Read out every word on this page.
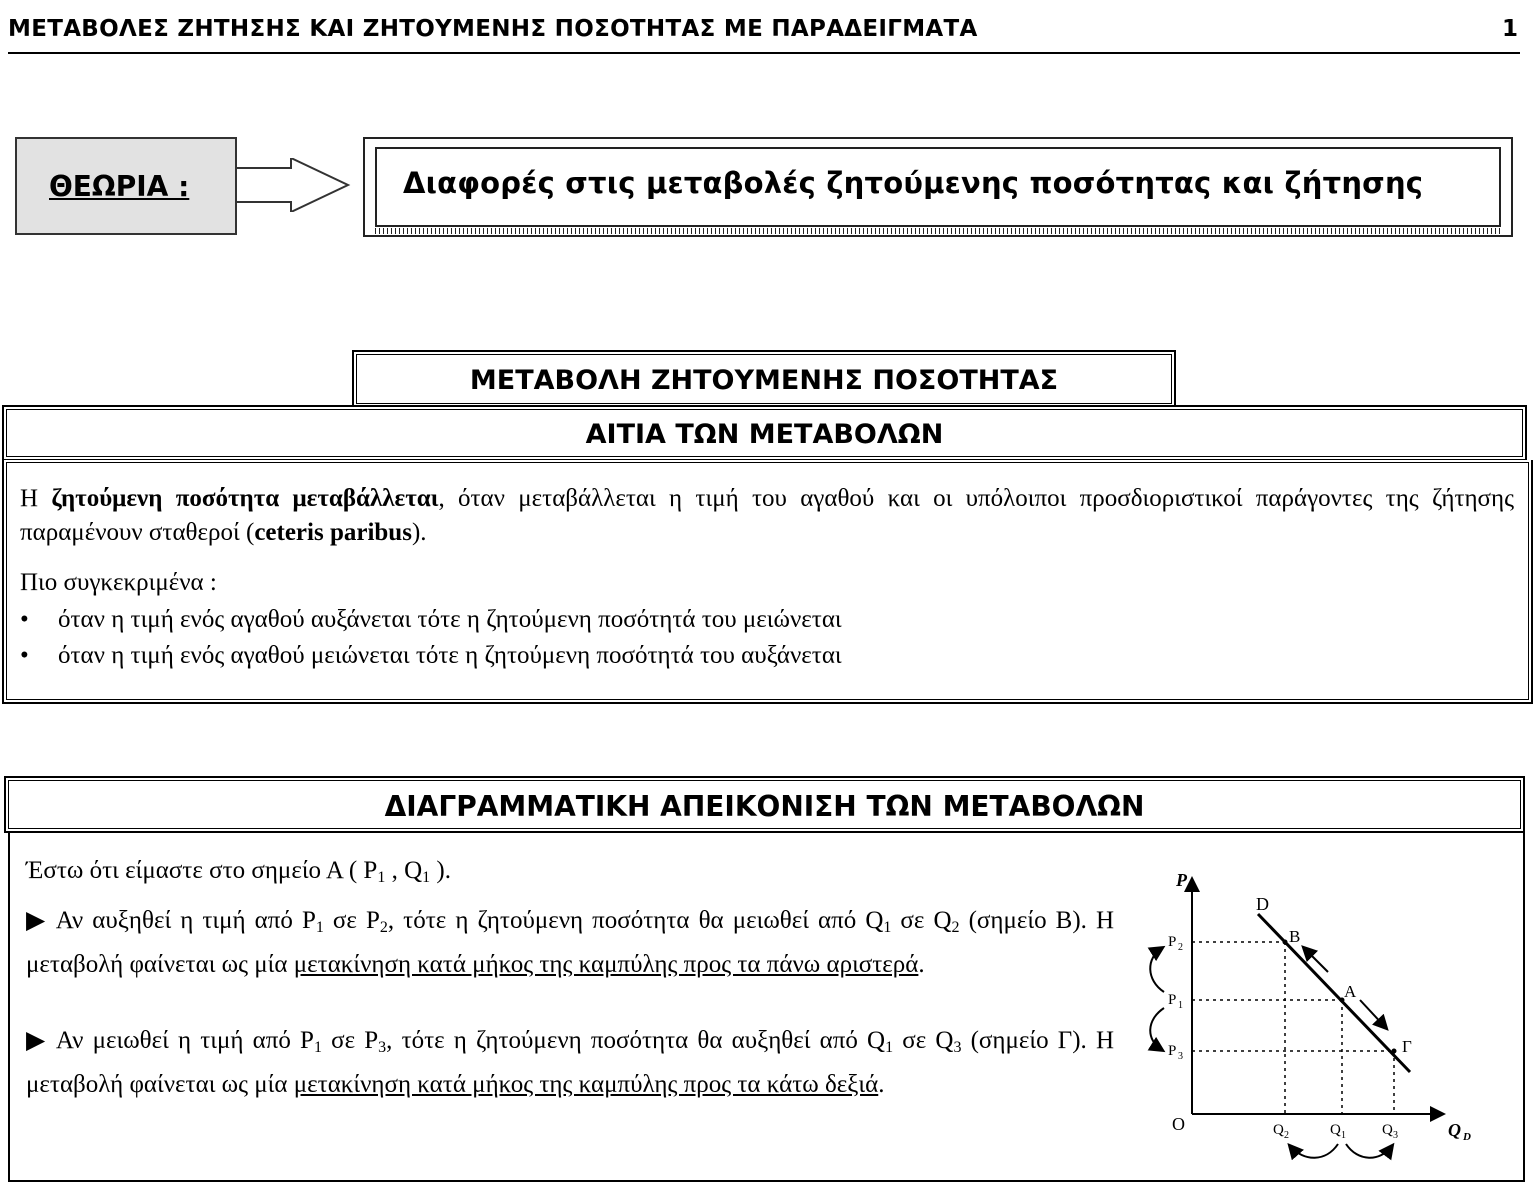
ΜΕΤΑΒΟΛΕΣ ΖΗΤΗΣΗΣ ΚΑΙ ΖΗΤΟΥΜΕΝΗΣ ΠΟΣΟΤΗΤΑΣ ΜΕ ΠΑΡΑΔΕΙΓΜΑΤΑ	1
ΘΕΩΡΙΑ :	Διαφορές στις μεταβολές ζητούμενης ποσότητας και ζήτησης
ΜΕΤΑΒΟΛΗ ΖΗΤΟΥΜΕΝΗΣ ΠΟΣΟΤΗΤΑΣ
ΑΙΤΙΑ ΤΩΝ ΜΕΤΑΒΟΛΩΝ
Η ζητούμενη ποσότητα μεταβάλλεται, όταν μεταβάλλεται η τιμή του αγαθού και οι υπόλοιποι προσδιοριστικοί παράγοντες της ζήτησης παραμένουν σταθεροί (ceteris paribus).
Πιο συγκεκριμένα :
• όταν η τιμή ενός αγαθού αυξάνεται τότε η ζητούμενη ποσότητά του μειώνεται
• όταν η τιμή ενός αγαθού μειώνεται τότε η ζητούμενη ποσότητά του αυξάνεται
ΔΙΑΓΡΑΜΜΑΤΙΚΗ ΑΠΕΙΚΟΝΙΣΗ ΤΩΝ ΜΕΤΑΒΟΛΩΝ
Έστω ότι είμαστε στο σημείο Α ( $P_1$ , $Q_1$ ).
▶ Αν αυξηθεί η τιμή από $P_1$ σε $P_2$, τότε η ζητούμενη ποσότητα θα μειωθεί από $Q_1$ σε $Q_2$ (σημείο Β). Η μεταβολή φαίνεται ως μία μετακίνηση κατά μήκος της καμπύλης προς τα πάνω αριστερά.
▶ Αν μειωθεί η τιμή από $P_1$ σε $P_3$, τότε η ζητούμενη ποσότητα θα αυξηθεί από $Q_1$ σε $Q_3$ (σημείο Γ). Η μεταβολή φαίνεται ως μία μετακίνηση κατά μήκος της καμπύλης προς τα κάτω δεξιά.
P
Q D
O
D
B
A
Γ
P 2
P 1
P 3
Q 2	Q 1 Q 3
